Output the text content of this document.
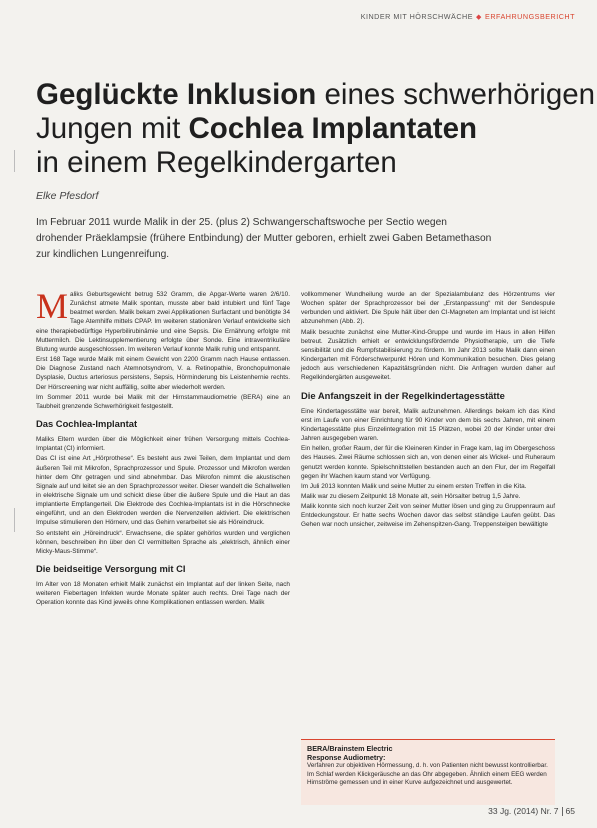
KINDER MIT HÖRSCHWÄCHE ◆ ERFAHRUNGSBERICHT
Geglückte Inklusion eines schwerhörigen
Jungen mit Cochlea Implantaten
in einem Regelkindergarten
Elke Pfesdorf
Im Februar 2011 wurde Malik in der 25. (plus 2) Schwangerschaftswoche per Sectio wegen
drohender Präeklampsie (frühere Entbindung) der Mutter geboren, erhielt zwei Gaben Betamethason
zur kindlichen Lungenreifung.

Maliks Geburtsgewicht betrug 532 Gramm, die Apgar-Werte waren 2/6/10. Zunächst atmete Malik spontan, musste aber bald intubiert und fünf Tage beatmet werden. Malik bekam zwei Applikationen Surfactant und benötigte 34 Tage Atemhilfe mittels CPAP. Im weiteren stationären Verlauf entwickelte sich eine therapiebedürftige Hyperbilirubinämie und eine Sepsis. Die Ernährung erfolgte mit Muttermilch. Die Lektinsupplementierung erfolgte über Sonde. Eine intraventrikuläre Blutung wurde ausgeschlossen. Im weiteren Verlauf konnte Malik ruhig und entspannt.

Erst 168 Tage wurde Malik mit einem Gewicht von 2200 Gramm nach Hause entlassen. Die Diagnose Zustand nach Atemnotsyndrom, V. a. Retinopathie, Bronchopulmonale Dysplasie, Ductus arteriosus persistens, Sepsis, Hörminderung bis Leistenhernie rechts. Der Hörscreening war nicht auffällig, sollte aber wiederholt werden.

Im Sommer 2011 wurde bei Malik mit der Hirnstammaudiometrie (BERA) eine an Taubheit grenzende Schwerhörigkeit festgestellt.

Das Cochlea-Implantat

Maliks Eltern wurden über die Möglichkeit einer frühen Versorgung mittels Cochlea-Implantat (CI) informiert.

Das CI ist eine Art „Hörprothese“. Es besteht aus zwei Teilen, dem Implantat und dem äußeren Teil mit Mikrofon, Sprachprozessor und Spule. Prozessor und Mikrofon werden hinter dem Ohr getragen und sind abnehmbar. Das Mikrofon nimmt die akustischen Signale auf und leitet sie an den Sprachprozessor weiter. Dieser wandelt die Schallwellen in elektrische Signale um und schickt diese über die äußere Spule und die Haut an das implantierte Empfangerteil. Die Elektrode des Cochlea-Implantats ist in die Hörschnecke eingeführt, und an den Elektroden werden die Nervenzellen aktiviert. Die elektrischen Impulse stimulieren den Hörnerv, und das Gehirn verarbeitet sie als Höreindruck.

So entsteht ein „Höreindruck“. Erwachsene, die später gehörlos wurden und verglichen können, beschreiben ihn über den CI vermittelten Sprache als „elektrisch, ähnlich einer Micky-Maus-Stimme“.

Die beidseitige Versorgung mit CI

Im Alter von 18 Monaten erhielt Malik zunächst ein Implantat auf der linken Seite, nach weiteren Fiebertagen Infekten wurde Monate später auch rechts. Drei Tage nach der Operation konnte das Kind jeweils ohne Komplikationen entlassen werden. Malik

vollkommener Wundheilung wurde an der Spezialambulanz des Hörzentrums vier Wochen später der Sprachprozessor bei der „Erstanpassung“ mit der Sendespule verbunden und aktiviert. Die Spule hält über den CI-Magneten am Implantat und ist leicht abzunehmen (Abb. 2).

Malik besuchte zunächst eine Mutter-Kind-Gruppe und wurde im Haus in allen Hilfen betreut. Zusätzlich erhielt er entwicklungsfördernde Physiotherapie, um die Tiefe sensibilität und die Rumpfstabilisierung zu fördern. Im Jahr 2013 sollte Malik dann einen Kindergarten mit Förderschwerpunkt Hören und Kommunikation besuchen. Dies gelang jedoch aus verschiedenen Kapazitätsgründen nicht. Die Anfragen wurden daher auf Regelkindergärten ausgeweitet.

Die Anfangszeit in der Regelkindertagesstätte

Eine Kindertagesstätte war bereit, Malik aufzunehmen. Allerdings bekam ich das Kind erst im Laufe von einer Einrichtung für 90 Kinder von dem bis sechs Jahren, mit einem Kindertagesstätte plus Einzelintegration mit 15 Plätzen, wobei 20 der Kinder unter drei Jahren ausgegeben waren.

Ein hellen, großer Raum, der für die Kleineren Kinder in Frage kam, lag im Obergeschoss des Hauses. Zwei Räume schlossen sich an, von denen einer als Wickel- und Ruheraum genutzt werden konnte. Spielschnittstellen bestanden auch an den Flur, der im Regelfall gegen ihr Wachen kaum stand vor Verfügung.

Im Juli 2013 konnten Malik und seine Mutter zu einem ersten Treffen in die Kita.

Malik war zu diesem Zeitpunkt 18 Monate alt, sein Hörsalter betrug 1,5 Jahre.

Malik konnte sich noch kurzer Zeit von seiner Mutter lösen und ging zu Gruppenraum auf Entdeckungstour. Er hatte sechs Wochen davor das selbst ständige Laufen geübt. Das Gehen war noch unsicher, zeitweise im Zehenspitzen-Gang. Treppensteigen bewältigte

BERA/Brainstem Electric
Response Audiometry:
Verfahren zur objektiven Hörmessung, d. h. von Patienten nicht bewusst kontrollierbar. Im Schlaf werden Klickgeräusche an das Ohr abgegeben. Ähnlich einem EEG werden Hirnströme gemessen und in einer Kurve aufgezeichnet und ausgewertet.
33 Jg. (2014) Nr. 7 65
